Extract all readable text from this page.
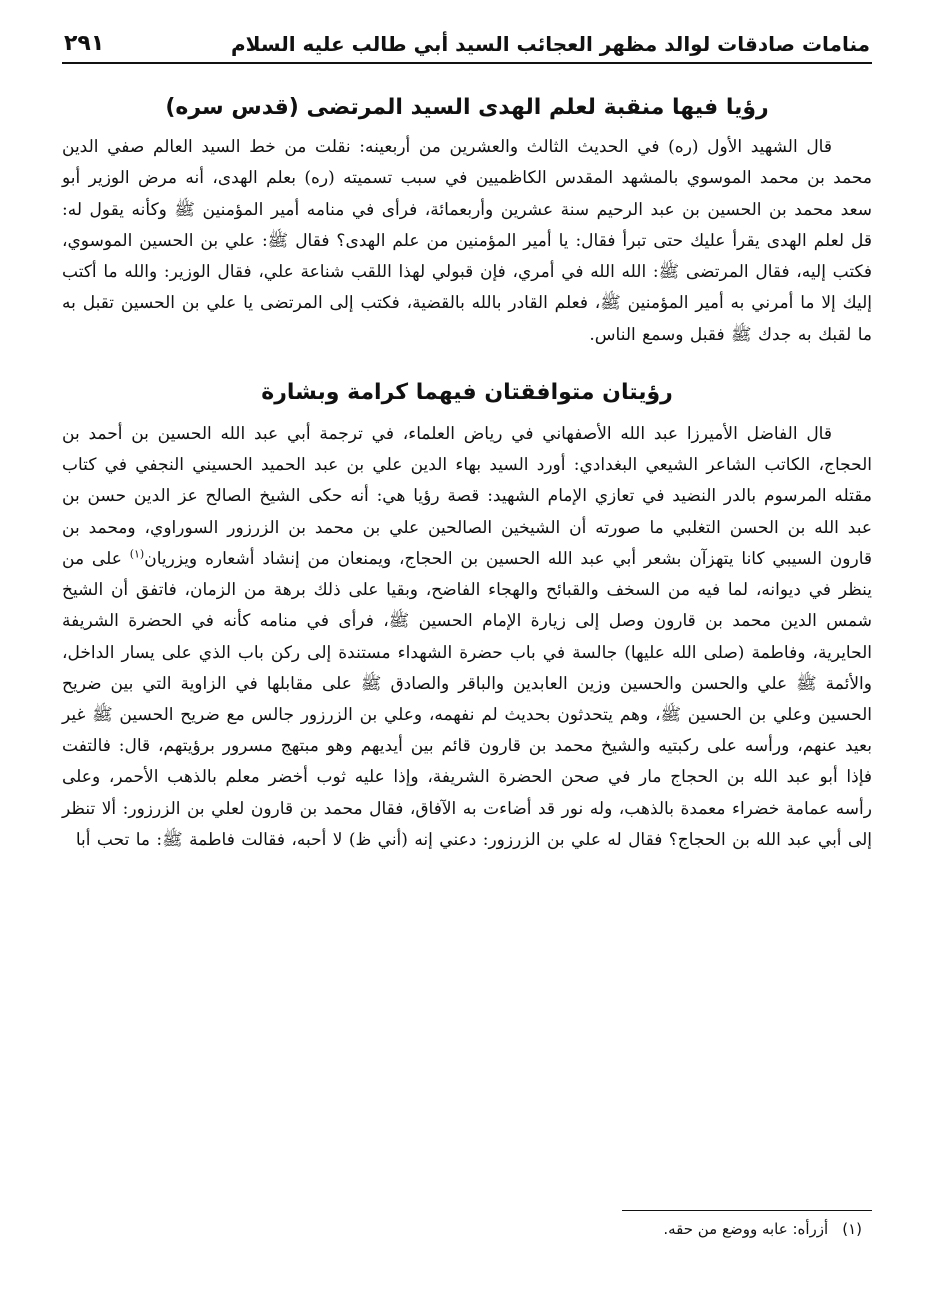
منامات صادقات لوالد مظهر العجائب السيد أبي طالب عليه السلام
٢٩١
رؤيا فيها منقبة لعلم الهدى السيد المرتضى (قدس سره)

قال الشهيد الأول (ره) في الحديث الثالث والعشرين من أربعينه: نقلت من خط السيد العالم صفي الدين محمد بن محمد الموسوي بالمشهد المقدس الكاظميين في سبب تسميته (ره) بعلم الهدى، أنه مرض الوزير أبو سعد محمد بن الحسين بن عبد الرحيم سنة عشرين وأربعمائة، فرأى في منامه أمير المؤمنين ﷺ وكأنه يقول له: قل لعلم الهدى يقرأ عليك حتى تبرأ فقال: يا أمير المؤمنين من علم الهدى؟ فقال ﷺ: علي بن الحسين الموسوي، فكتب إليه، فقال المرتضى ﷺ: الله الله في أمري، فإن قبولي لهذا اللقب شناعة علي، فقال الوزير: والله ما أكتب إليك إلا ما أمرني به أمير المؤمنين ﷺ، فعلم القادر بالله بالقضية، فكتب إلى المرتضى يا علي بن الحسين تقبل به ما لقبك به جدك ﷺ فقبل وسمع الناس.

رؤيتان متوافقتان فيهما كرامة وبشارة

قال الفاضل الأميرزا عبد الله الأصفهاني في رياض العلماء، في ترجمة أبي عبد الله الحسين بن أحمد بن الحجاج، الكاتب الشاعر الشيعي البغدادي: أورد السيد بهاء الدين علي بن عبد الحميد الحسيني النجفي في كتاب مقتله المرسوم بالدر النضيد في تعازي الإمام الشهيد: قصة رؤيا هي: أنه حكى الشيخ الصالح عز الدين حسن بن عبد الله بن الحسن التغلبي ما صورته أن الشيخين الصالحين علي بن محمد بن الزرزور السوراوي، ومحمد بن قارون السيبي كانا يتهزآن بشعر أبي عبد الله الحسين بن الحجاج، ويمنعان من إنشاد أشعاره ويزريان$^{(١)}$ على من ينظر في ديوانه، لما فيه من السخف والقبائح والهجاء الفاضح، وبقيا على ذلك برهة من الزمان، فاتفق أن الشيخ شمس الدين محمد بن قارون وصل إلى زيارة الإمام الحسين ﷺ، فرأى في منامه كأنه في الحضرة الشريفة الحايرية، وفاطمة (صلى الله عليها) جالسة في باب حضرة الشهداء مستندة إلى ركن باب الذي على يسار الداخل، والأئمة ﷺ علي والحسن والحسين وزين العابدين والباقر والصادق ﷺ على مقابلها في الزاوية التي بين ضريح الحسين وعلي بن الحسين ﷺ، وهم يتحدثون بحديث لم نفهمه، وعلي بن الزرزور جالس مع ضريح الحسين ﷺ غير بعيد عنهم، ورأسه على ركبتيه والشيخ محمد بن قارون قائم بين أيديهم وهو مبتهج مسرور برؤيتهم، قال: فالتفت فإذا أبو عبد الله بن الحجاج مار في صحن الحضرة الشريفة، وإذا عليه ثوب أخضر معلم بالذهب الأحمر، وعلى رأسه عمامة خضراء معمدة بالذهب، وله نور قد أضاءت به الآفاق، فقال محمد بن قارون لعلي بن الزرزور: ألا تنظر إلى أبي عبد الله بن الحجاج؟ فقال له علي بن الزرزور: دعني إنه (أني ظ) لا أحبه، فقالت فاطمة ﷺ: ما تحب أبا

(١)أزرأه: عابه ووضع من حقه.
